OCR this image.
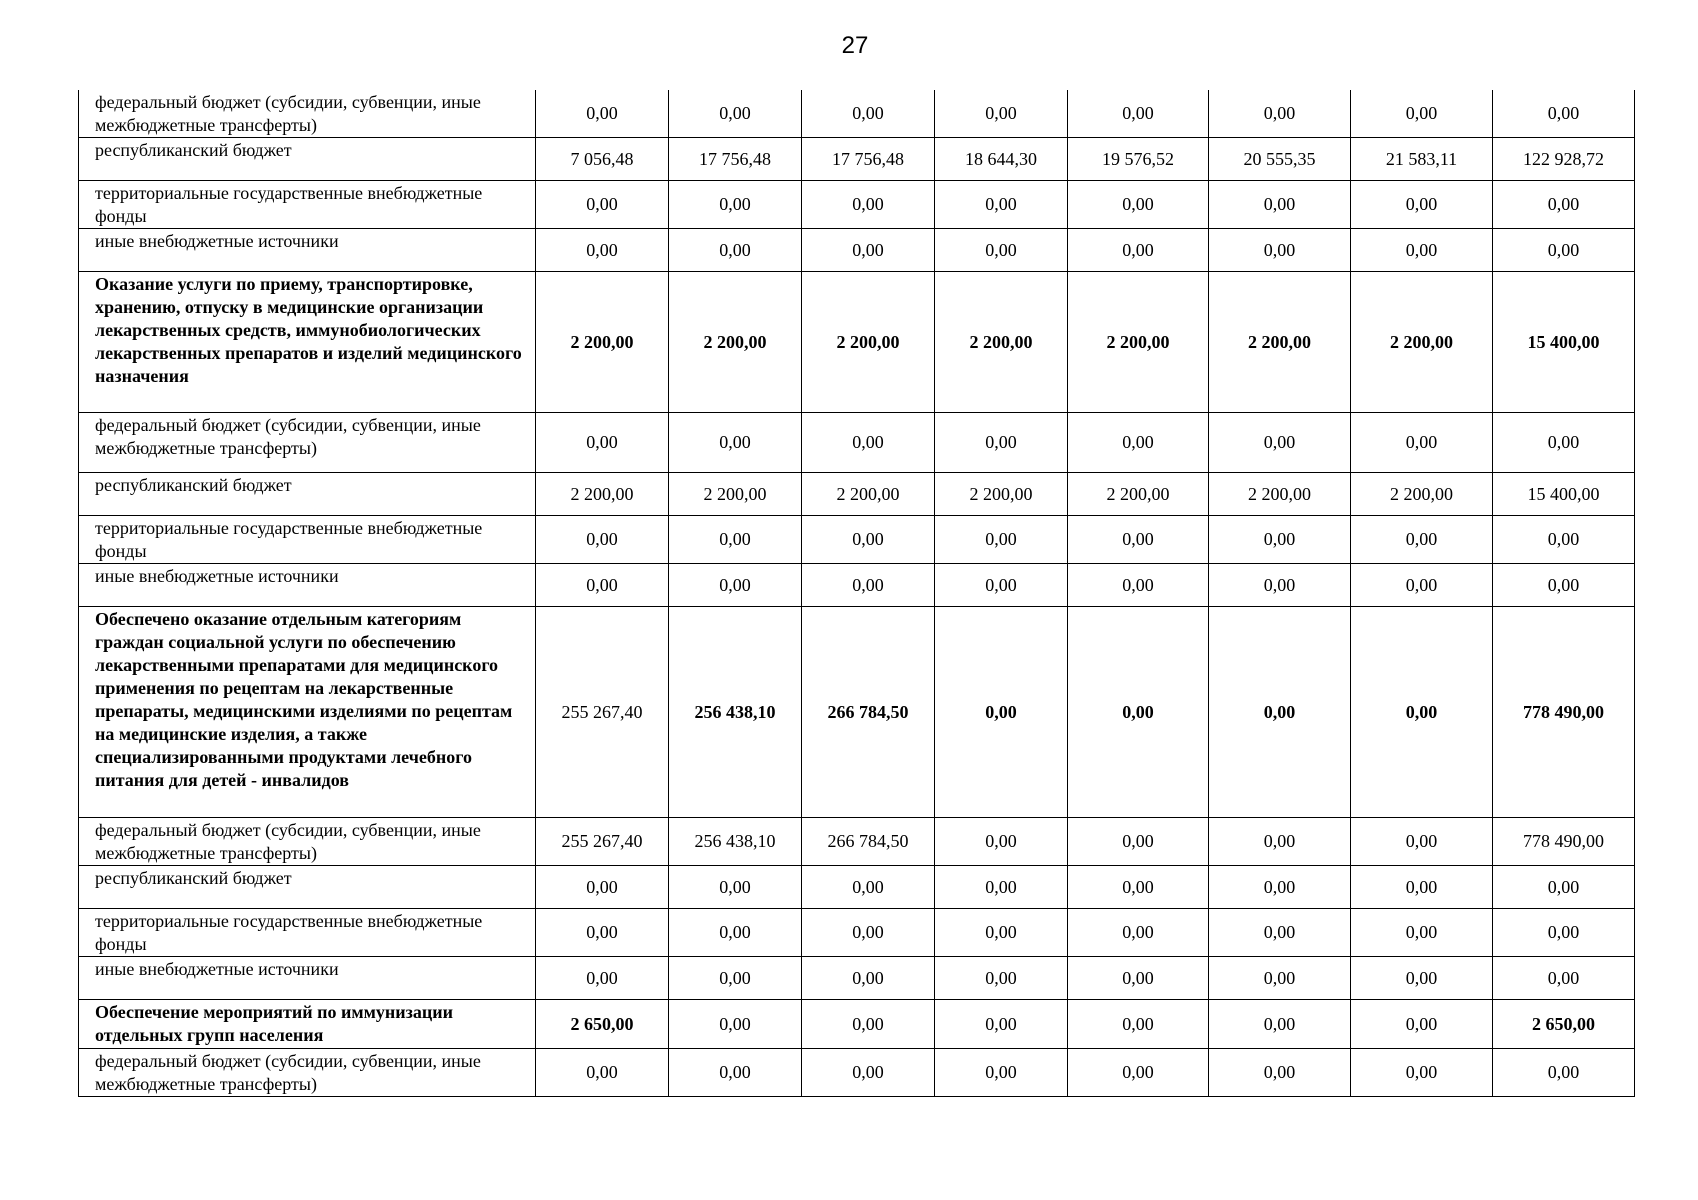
27
федеральный бюджет (субсидии, субвенции, иные межбюджетные трансферты)	0,00	0,00	0,00	0,00	0,00	0,00	0,00	0,00
республиканский бюджет	7 056,48	17 756,48	17 756,48	18 644,30	19 576,52	20 555,35	21 583,11	122 928,72
территориальные государственные внебюджетные фонды	0,00	0,00	0,00	0,00	0,00	0,00	0,00	0,00
иные внебюджетные источники	0,00	0,00	0,00	0,00	0,00	0,00	0,00	0,00
Оказание услуги по приему, транспортировке, хранению, отпуску в медицинские организации лекарственных средств, иммунобиологических лекарственных препаратов и изделий медицинского назначения	2 200,00	2 200,00	2 200,00	2 200,00	2 200,00	2 200,00	2 200,00	15 400,00
федеральный бюджет (субсидии, субвенции, иные межбюджетные трансферты)	0,00	0,00	0,00	0,00	0,00	0,00	0,00	0,00
республиканский бюджет	2 200,00	2 200,00	2 200,00	2 200,00	2 200,00	2 200,00	2 200,00	15 400,00
территориальные государственные внебюджетные фонды	0,00	0,00	0,00	0,00	0,00	0,00	0,00	0,00
иные внебюджетные источники	0,00	0,00	0,00	0,00	0,00	0,00	0,00	0,00
Обеспечено оказание отдельным категориям граждан социальной услуги по обеспечению лекарственными препаратами для медицинского применения по рецептам на лекарственные препараты, медицинскими изделиями по рецептам на медицинские изделия, а также специализированными продуктами лечебного питания для детей - инвалидов	255 267,40	256 438,10	266 784,50	0,00	0,00	0,00	0,00	778 490,00
федеральный бюджет (субсидии, субвенции, иные межбюджетные трансферты)	255 267,40	256 438,10	266 784,50	0,00	0,00	0,00	0,00	778 490,00
республиканский бюджет	0,00	0,00	0,00	0,00	0,00	0,00	0,00	0,00
территориальные государственные внебюджетные фонды	0,00	0,00	0,00	0,00	0,00	0,00	0,00	0,00
иные внебюджетные источники	0,00	0,00	0,00	0,00	0,00	0,00	0,00	0,00
Обеспечение мероприятий по иммунизации отдельных групп населения	2 650,00	0,00	0,00	0,00	0,00	0,00	0,00	2 650,00
федеральный бюджет (субсидии, субвенции, иные межбюджетные трансферты)	0,00	0,00	0,00	0,00	0,00	0,00	0,00	0,00
